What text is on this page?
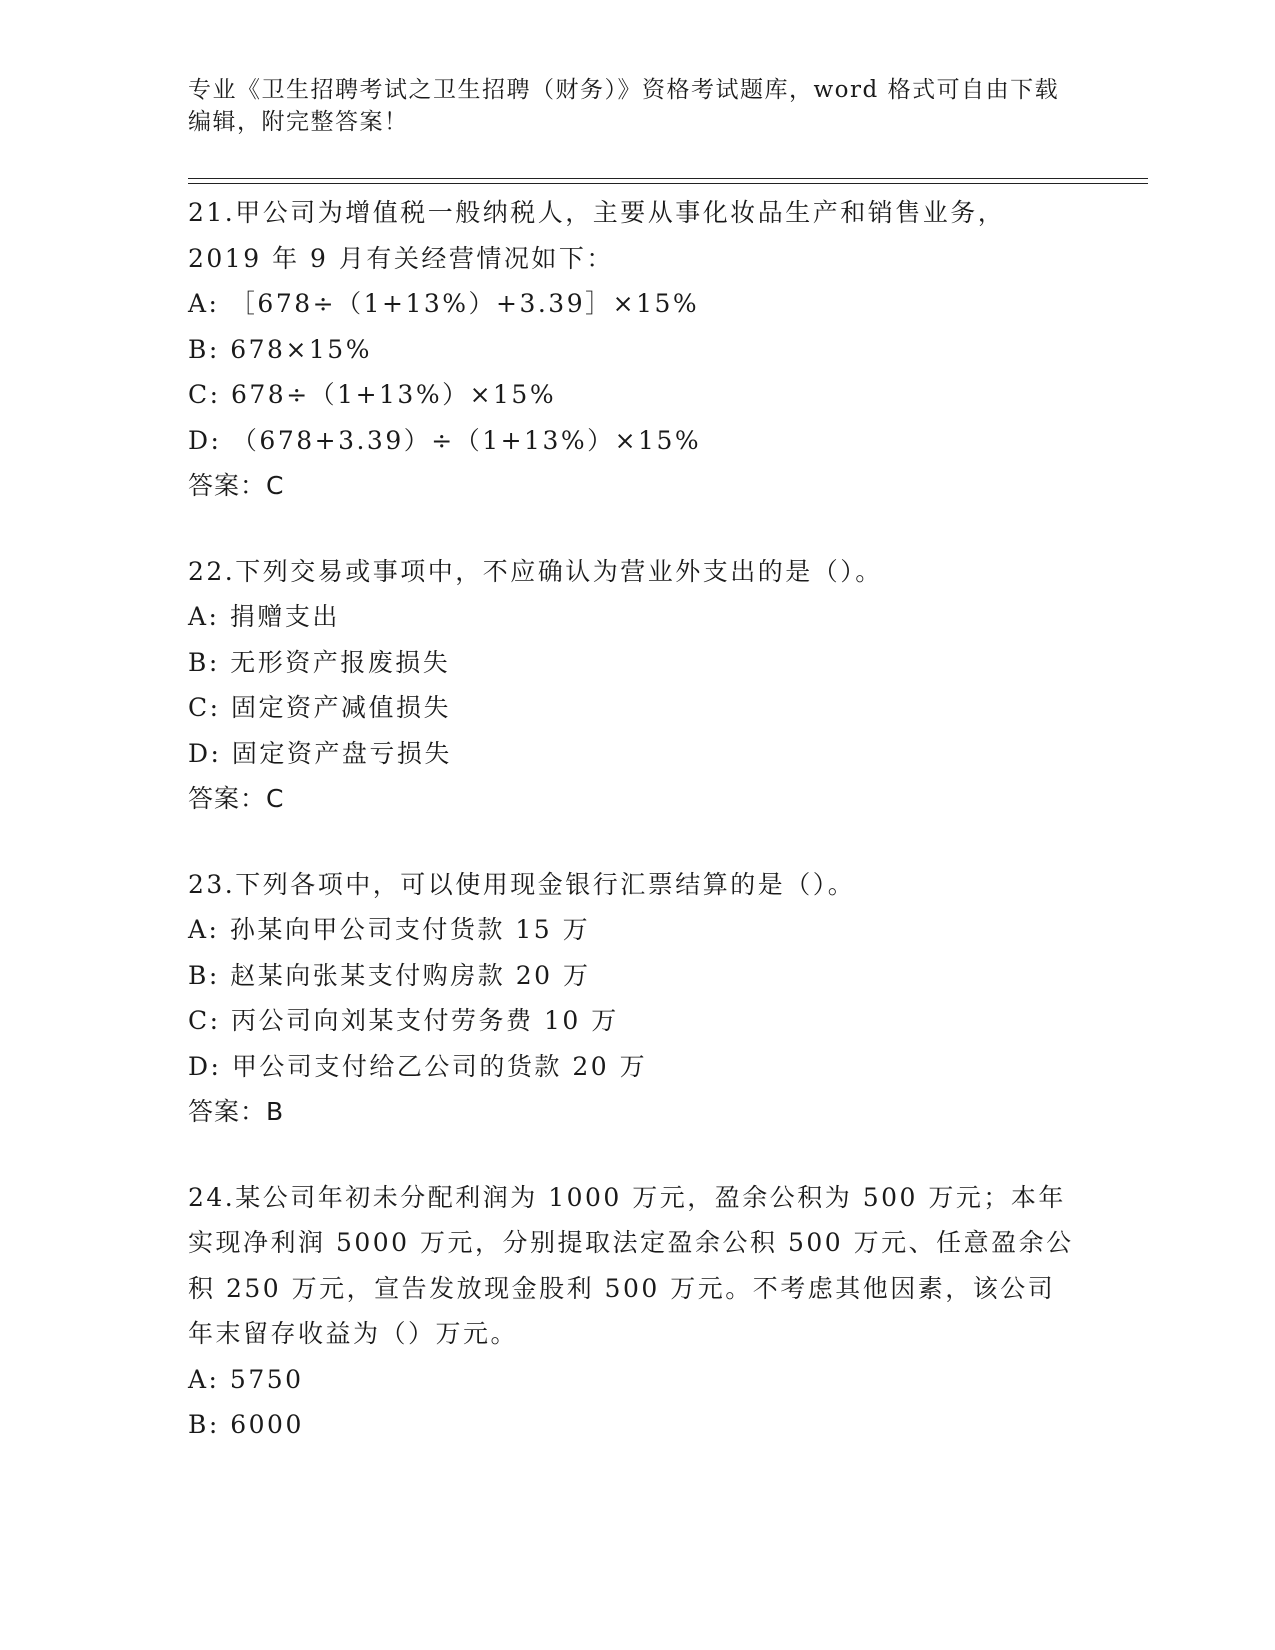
专业《卫生招聘考试之卫生招聘（财务）》资格考试题库，word 格式可自由下载
编辑，附完整答案！

21.甲公司为增值税一般纳税人，主要从事化妆品生产和销售业务，

2019 年 9 月有关经营情况如下：

A: ［678÷（1+13%）+3.39］×15%

B: 678×15%

C: 678÷（1+13%）×15%

D: （678+3.39）÷（1+13%）×15%

答案：C

22.下列交易或事项中，不应确认为营业外支出的是（）。

A: 捐赠支出

B: 无形资产报废损失

C: 固定资产减值损失

D: 固定资产盘亏损失

答案：C

23.下列各项中，可以使用现金银行汇票结算的是（）。

A: 孙某向甲公司支付货款 15 万

B: 赵某向张某支付购房款 20 万

C: 丙公司向刘某支付劳务费 10 万

D: 甲公司支付给乙公司的货款 20 万

答案：B

24.某公司年初未分配利润为 1000 万元，盈余公积为 500 万元；本年

实现净利润 5000 万元，分别提取法定盈余公积 500 万元、任意盈余公

积 250 万元，宣告发放现金股利 500 万元。不考虑其他因素，该公司

年末留存收益为（）万元。

A: 5750

B: 6000
